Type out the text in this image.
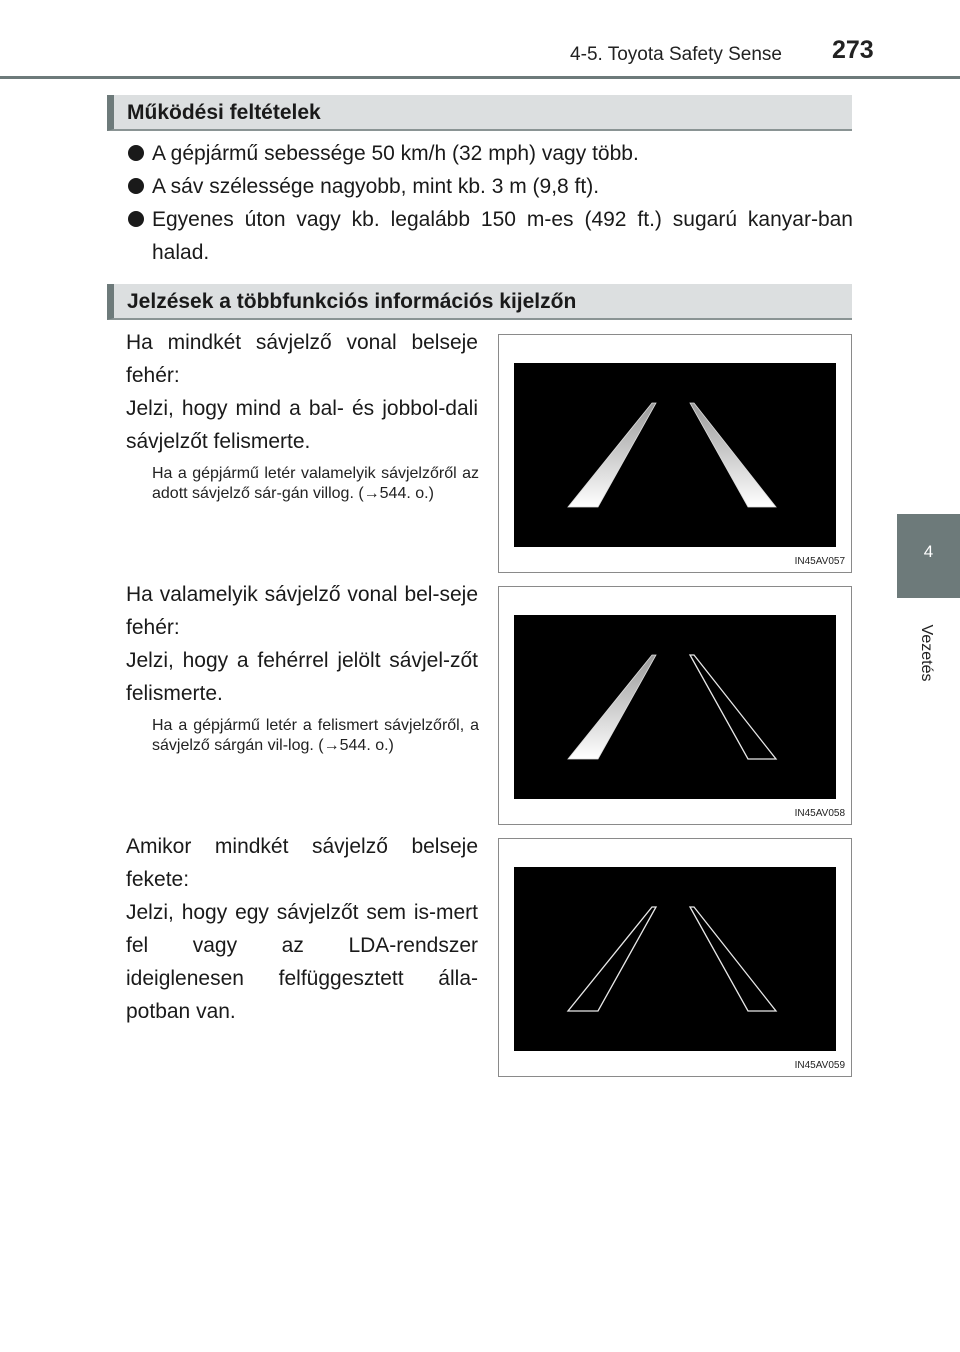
4-5. Toyota Safety Sense 273
4
Vezetés
Működési feltételek
A gépjármű sebessége 50 km/h (32 mph) vagy több.
A sáv szélessége nagyobb, mint kb. 3 m (9,8 ft).
Egyenes úton vagy kb. legalább 150 m-es (492 ft.) sugarú kanyar-ban halad.
Jelzések a többfunkciós információs kijelzőn
Ha mindkét sávjelző vonal belseje fehér:
Jelzi, hogy mind a bal- és jobbol-dali sávjelzőt felismerte.
Ha a gépjármű letér valamelyik sávjelzőről az adott sávjelző sár-gán villog. (→544. o.)
IN45AV057
Ha valamelyik sávjelző vonal bel-seje fehér:
Jelzi, hogy a fehérrel jelölt sávjel-zőt felismerte.
Ha a gépjármű letér a felismert sávjelzőről, a sávjelző sárgán vil-log. (→544. o.)
IN45AV058
Amikor mindkét sávjelző belseje fekete:
Jelzi, hogy egy sávjelzőt sem is-mert fel vagy az LDA-rendszer ideiglenesen felfüggesztett álla-potban van.
IN45AV059
